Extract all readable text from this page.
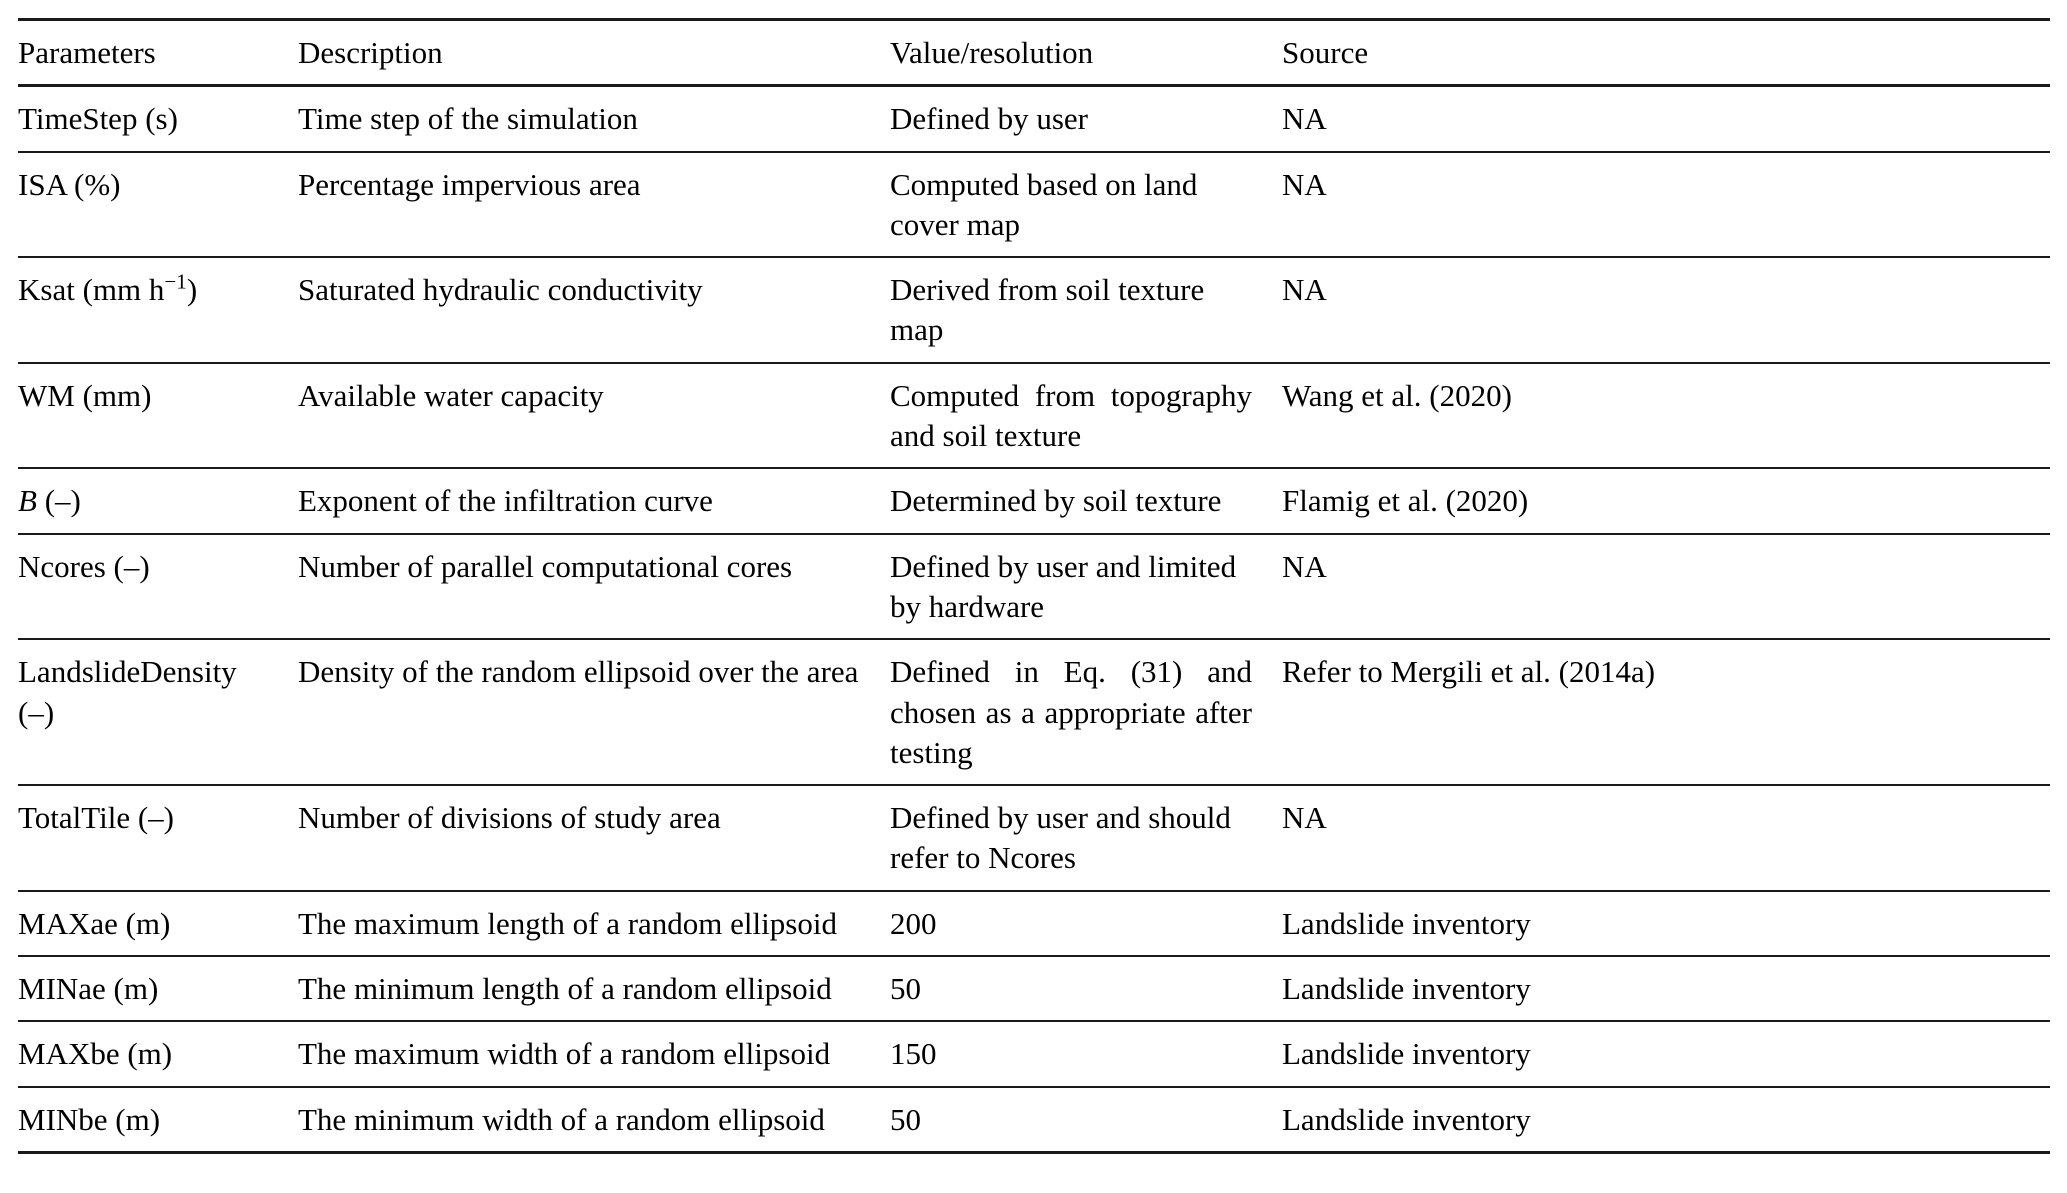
Parameters	Description	Value/resolution	Source
TimeStep (s)	Time step of the simulation	Defined by user	NA
ISA (%)	Percentage impervious area	Computed based on land cover map	NA
Ksat (mm $h^{-1}$)	Saturated hydraulic conductivity	Derived from soil texture map	NA
WM (mm)	Available water capacity	Computed from topography and soil texture	Wang et al. (2020)
B (–)	Exponent of the infiltration curve	Determined by soil texture	Flamig et al. (2020)
Ncores (–)	Number of parallel computational cores	Defined by user and limited by hardware	NA
LandslideDensity (–)	Density of the random ellipsoid over the area	Defined in Eq. (31) and chosen as a appropriate after testing	Refer to Mergili et al. (2014a)
TotalTile (–)	Number of divisions of study area	Defined by user and should refer to Ncores	NA
MAXae (m)	The maximum length of a random ellipsoid	200	Landslide inventory
MINae (m)	The minimum length of a random ellipsoid	50	Landslide inventory
MAXbe (m)	The maximum width of a random ellipsoid	150	Landslide inventory
MINbe (m)	The minimum width of a random ellipsoid	50	Landslide inventory
